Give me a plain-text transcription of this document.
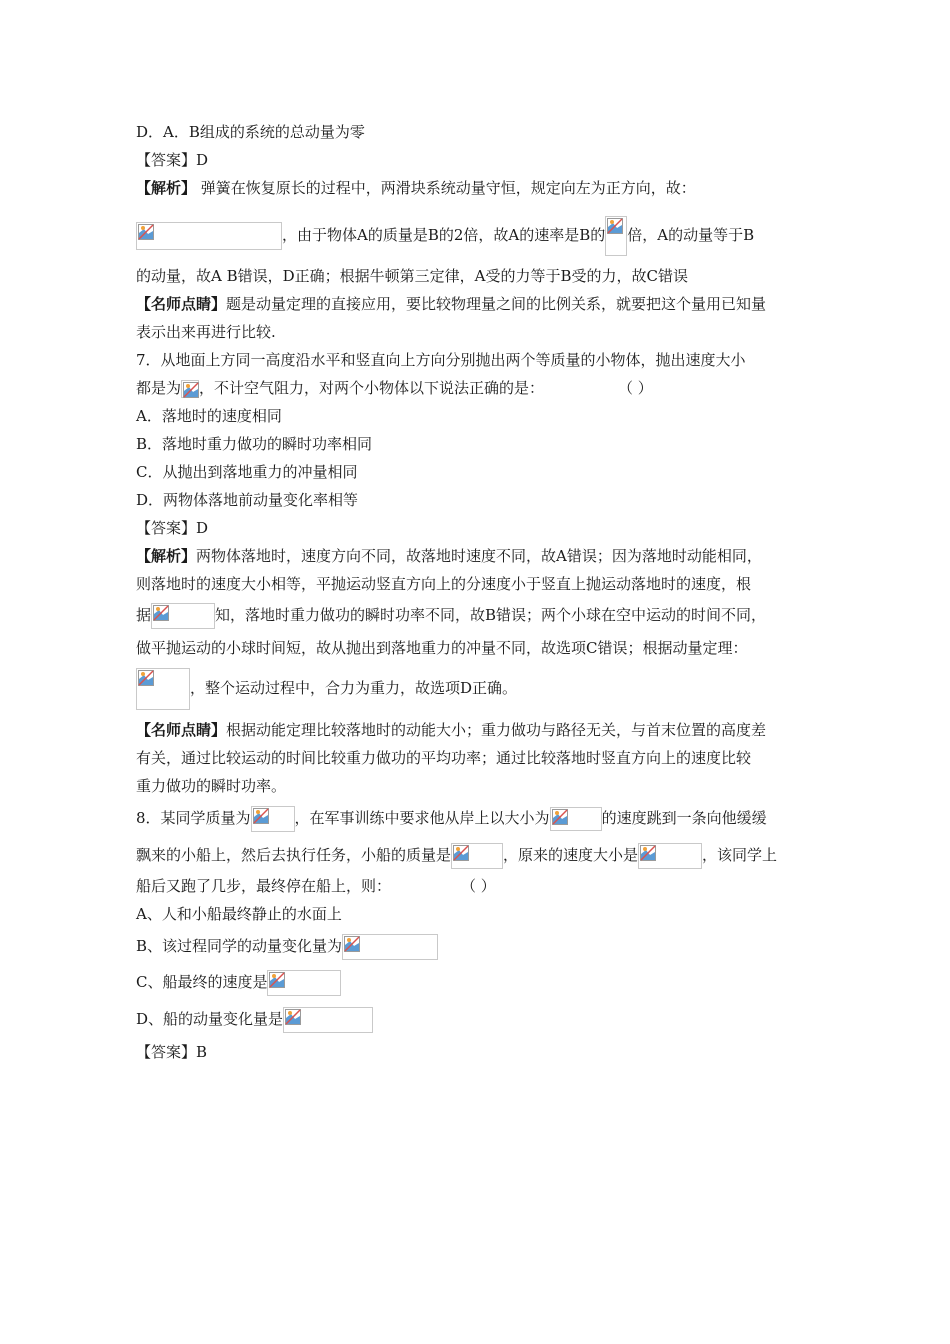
D．A．B组成的系统的总动量为零
【答案】D
【解析】 弹簧在恢复原长的过程中，两滑块系统动量守恒，规定向左为正方向，故：
，由于物体A的质量是B的2倍，故A的速率是B的 倍，A的动量等于B
的动量，故A B错误，D正确；根据牛顿第三定律，A受的力等于B受的力，故C错误
【名师点睛】题是动量定理的直接应用，要比较物理量之间的比例关系，就要把这个量用已知量
表示出来再进行比较.
7．从地面上方同一高度沿水平和竖直向上方向分别抛出两个等质量的小物体，抛出速度大小
都是为 ，不计空气阻力，对两个小物体以下说法正确的是：	（ ）
A．落地时的速度相同
B．落地时重力做功的瞬时功率相同
C．从抛出到落地重力的冲量相同
D．两物体落地前动量变化率相等
【答案】D
【解析】两物体落地时，速度方向不同，故落地时速度不同，故A错误；因为落地时动能相同，
则落地时的速度大小相等，平抛运动竖直方向上的分速度小于竖直上抛运动落地时的速度，根
据	知，落地时重力做功的瞬时功率不同，故B错误；两个小球在空中运动的时间不同，
做平抛运动的小球时间短，故从抛出到落地重力的冲量不同，故选项C错误；根据动量定理：
，整个运动过程中，合力为重力，故选项D正确。
【名师点睛】根据动能定理比较落地时的动能大小；重力做功与路径无关，与首末位置的高度差
有关，通过比较运动的时间比较重力做功的平均功率；通过比较落地时竖直方向上的速度比较
重力做功的瞬时功率。
8．某同学质量为	，在军事训练中要求他从岸上以大小为	的速度跳到一条向他缓缓
飘来的小船上，然后去执行任务，小船的质量是	，原来的速度大小是	，该同学上
船后又跑了几步，最终停在船上，则：	（ ）
A、人和小船最终静止的水面上
B、该过程同学的动量变化量为
C、船最终的速度是
D、船的动量变化量是
【答案】B
